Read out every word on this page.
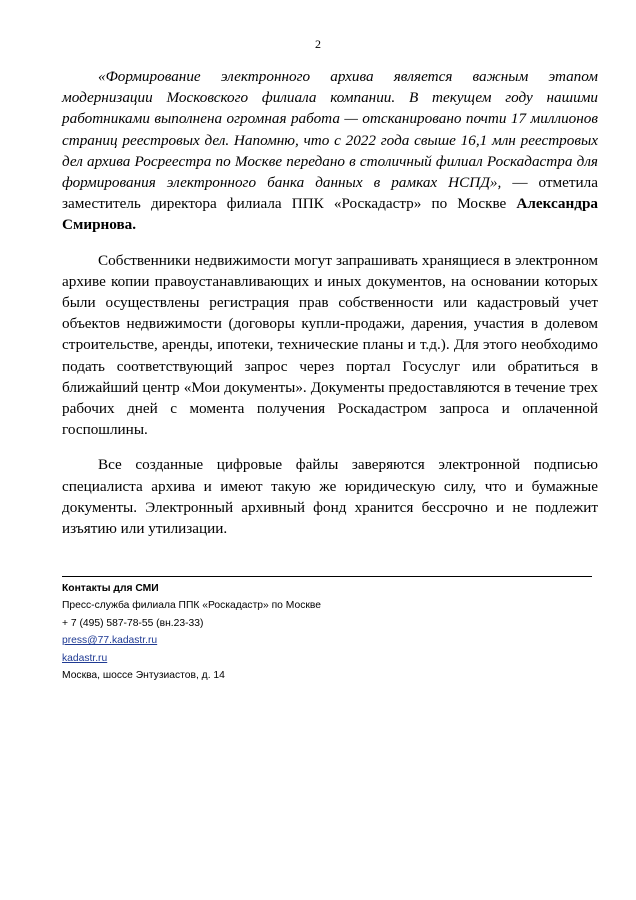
2

«Формирование электронного архива является важным этапом модернизации Московского филиала компании. В текущем году нашими работниками выполнена огромная работа — отсканировано почти 17 миллионов страниц реестровых дел. Напомню, что с 2022 года свыше 16,1 млн реестровых дел архива Росреестра по Москве передано в столичный филиал Роскадастра для формирования электронного банка данных в рамках НСПД», — отметила заместитель директора филиала ППК «Роскадастр» по Москве Александра Смирнова.

Собственники недвижимости могут запрашивать хранящиеся в электронном архиве копии правоустанавливающих и иных документов, на основании которых были осуществлены регистрация прав собственности или кадастровый учет объектов недвижимости (договоры купли-продажи, дарения, участия в долевом строительстве, аренды, ипотеки, технические планы и т.д.). Для этого необходимо подать соответствующий запрос через портал Госуслуг или обратиться в ближайший центр «Мои документы». Документы предоставляются в течение трех рабочих дней с момента получения Роскадастром запроса и оплаченной госпошлины.

Все созданные цифровые файлы заверяются электронной подписью специалиста архива и имеют такую же юридическую силу, что и бумажные документы. Электронный архивный фонд хранится бессрочно и не подлежит изъятию или утилизации.

Контакты для СМИ
Пресс-служба филиала ППК «Роскадастр» по Москве
+ 7 (495) 587-78-55 (вн.23-33)
press@77.kadastr.ru
kadastr.ru
Москва, шоссе Энтузиастов, д. 14
